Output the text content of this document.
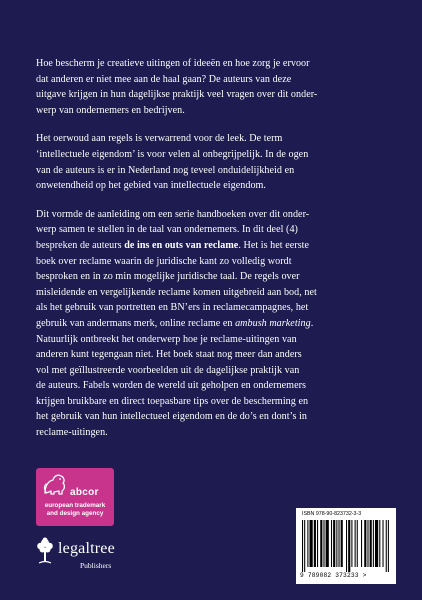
Hoe bescherm je creatieve uitingen of ideeën en hoe zorg je ervoor
dat anderen er niet mee aan de haal gaan? De auteurs van deze
uitgave krijgen in hun dagelijkse praktijk veel vragen over dit onder-
werp van ondernemers en bedrijven.

Het oerwoud aan regels is verwarrend voor de leek. De term
‘intellectuele eigendom’ is voor velen al onbegrijpelijk. In de ogen
van de auteurs is er in Nederland nog teveel onduidelijkheid en
onwetendheid op het gebied van intellectuele eigendom.

Dit vormde de aanleiding om een serie handboeken over dit onder-
werp samen te stellen in de taal van ondernemers. In dit deel (4)
bespreken de auteurs de ins en outs van reclame. Het is het eerste
boek over reclame waarin de juridische kant zo volledig wordt
besproken en in zo min mogelijke juridische taal. De regels over
misleidende en vergelijkende reclame komen uitgebreid aan bod, net
als het gebruik van portretten en BN’ers in reclamecampagnes, het
gebruik van andermans merk, online reclame en ambush marketing.
Natuurlijk ontbreekt het onderwerp hoe je reclame-uitingen van
anderen kunt tegengaan niet. Het boek staat nog meer dan anders
vol met geïllustreerde voorbeelden uit de dagelijkse praktijk van
de auteurs. Fabels worden de wereld uit geholpen en ondernemers
krijgen bruikbare en direct toepasbare tips over de bescherming en
het gebruik van hun intellectueel eigendom en de do’s en dont’s in
reclame-uitingen.

abcor
european trademark
and design agency
legaltree
Publishers
ISBN 978-90-823732-3-3
9 789082 373233 >
